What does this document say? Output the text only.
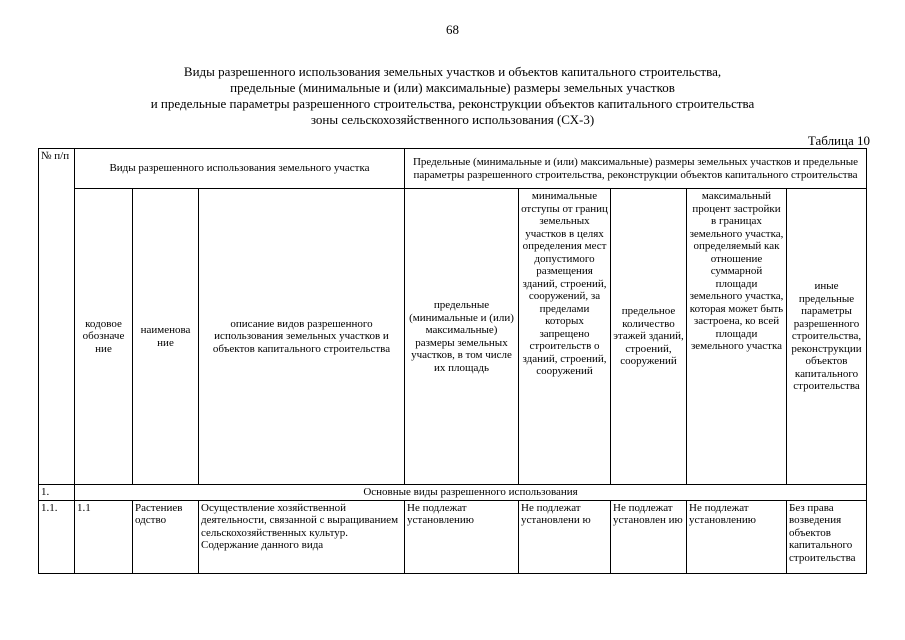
68
Виды разрешенного использования земельных участков и объектов капитального строительства,
предельные (минимальные и (или) максимальные) размеры земельных участков
и предельные параметры разрешенного строительства, реконструкции объектов капитального строительства
зоны сельскохозяйственного использования (СХ-3)
Таблица 10
№ п/п	Виды разрешенного использования земельного участка			Предельные (минимальные и (или) максимальные) размеры земельных участков и предельные параметры разрешенного строительства, реконструкции объектов капитального строительства				
	кодовое обозначе ние	наименова ние	описание видов разрешенного использования земельных участков и объектов капитального строительства	предельные (минимальные и (или) максимальные) размеры земельных участков, в том числе их площадь	минимальные отступы от границ земельных участков в целях определения мест допустимого размещения зданий, строений, сооружений, за пределами которых запрещено строительств о зданий, строений, сооружений	предельное количество этажей зданий, строений, сооружений	максимальный процент застройки в границах земельного участка, определяемый как отношение суммарной площади земельного участка, которая может быть застроена, ко всей площади земельного участка	иные предельные параметры разрешенного строительства, реконструкции объектов капитального строительства
1.	Основные виды разрешенного использования							
1.1.	1.1	Растениев одство	Осуществление хозяйственной деятельности, связанной с выращиванием сельскохозяйственных культур. Содержание данного вида	Не подлежат установлению	Не подлежат установлени ю	Не подлежат установлен ию	Не подлежат установлению	Без права возведения объектов капитального строительства
